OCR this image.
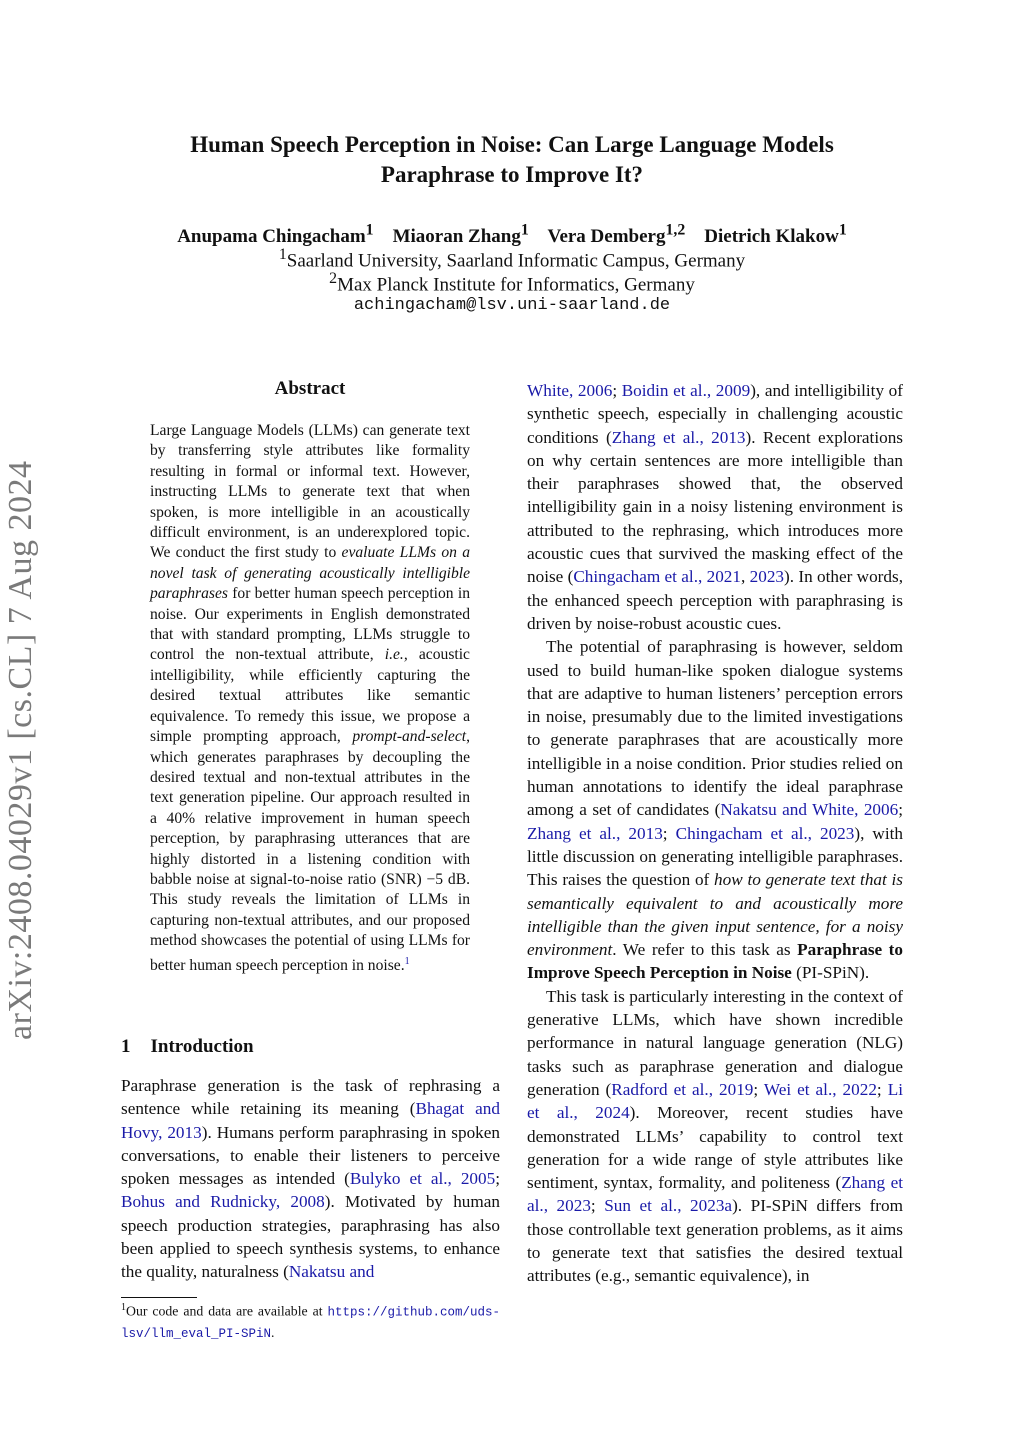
arXiv:2408.04029v1 [cs.CL] 7 Aug 2024
Human Speech Perception in Noise: Can Large Language Models
Paraphrase to Improve It?
Anupama Chingacham$^1$ Miaoran Zhang$^1$ Vera Demberg$^{1,2}$ Dietrich Klakow$^1$
$^1$Saarland University, Saarland Informatic Campus, Germany
$^2$Max Planck Institute for Informatics, Germany
achingacham@lsv.uni-saarland.de
Abstract
Large Language Models (LLMs) can generate text by transferring style attributes like formality resulting in formal or informal text. However, instructing LLMs to generate text that when spoken, is more intelligible in an acoustically difficult environment, is an underexplored topic. We conduct the first study to evaluate LLMs on a novel task of generating acoustically intelligible paraphrases for better human speech perception in noise. Our experiments in English demonstrated that with standard prompting, LLMs struggle to control the non-textual attribute, i.e., acoustic intelligibility, while efficiently capturing the desired textual attributes like semantic equivalence. To remedy this issue, we propose a simple prompting approach, prompt-and-select, which generates paraphrases by decoupling the desired textual and non-textual attributes in the text generation pipeline. Our approach resulted in a 40% relative improvement in human speech perception, by paraphrasing utterances that are highly distorted in a listening condition with babble noise at signal-to-noise ratio (SNR) −5 dB. This study reveals the limitation of LLMs in capturing non-textual attributes, and our proposed method showcases the potential of using LLMs for better human speech perception in noise.$^1$
1 Introduction
Paraphrase generation is the task of rephrasing a sentence while retaining its meaning (Bhagat and Hovy, 2013). Humans perform paraphrasing in spoken conversations, to enable their listeners to perceive spoken messages as intended (Bulyko et al., 2005; Bohus and Rudnicky, 2008). Motivated by human speech production strategies, paraphrasing has also been applied to speech synthesis systems, to enhance the quality, naturalness (Nakatsu and
$^1$Our code and data are available at https://github.com/uds-lsv/llm_eval_PI-SPiN.

White, 2006; Boidin et al., 2009), and intelligibility of synthetic speech, especially in challenging acoustic conditions (Zhang et al., 2013). Recent explorations on why certain sentences are more intelligible than their paraphrases showed that, the observed intelligibility gain in a noisy listening environment is attributed to the rephrasing, which introduces more acoustic cues that survived the masking effect of the noise (Chingacham et al., 2021, 2023). In other words, the enhanced speech perception with paraphrasing is driven by noise-robust acoustic cues.

The potential of paraphrasing is however, seldom used to build human-like spoken dialogue systems that are adaptive to human listeners’ perception errors in noise, presumably due to the limited investigations to generate paraphrases that are acoustically more intelligible in a noise condition. Prior studies relied on human annotations to identify the ideal paraphrase among a set of candidates (Nakatsu and White, 2006; Zhang et al., 2013; Chingacham et al., 2023), with little discussion on generating intelligible paraphrases. This raises the question of how to generate text that is semantically equivalent to and acoustically more intelligible than the given input sentence, for a noisy environment. We refer to this task as Paraphrase to Improve Speech Perception in Noise (PI-SPiN).

This task is particularly interesting in the context of generative LLMs, which have shown incredible performance in natural language generation (NLG) tasks such as paraphrase generation and dialogue generation (Radford et al., 2019; Wei et al., 2022; Li et al., 2024). Moreover, recent studies have demonstrated LLMs’ capability to control text generation for a wide range of style attributes like sentiment, syntax, formality, and politeness (Zhang et al., 2023; Sun et al., 2023a). PI-SPiN differs from those controllable text generation problems, as it aims to generate text that satisfies the desired textual attributes (e.g., semantic equivalence), in
